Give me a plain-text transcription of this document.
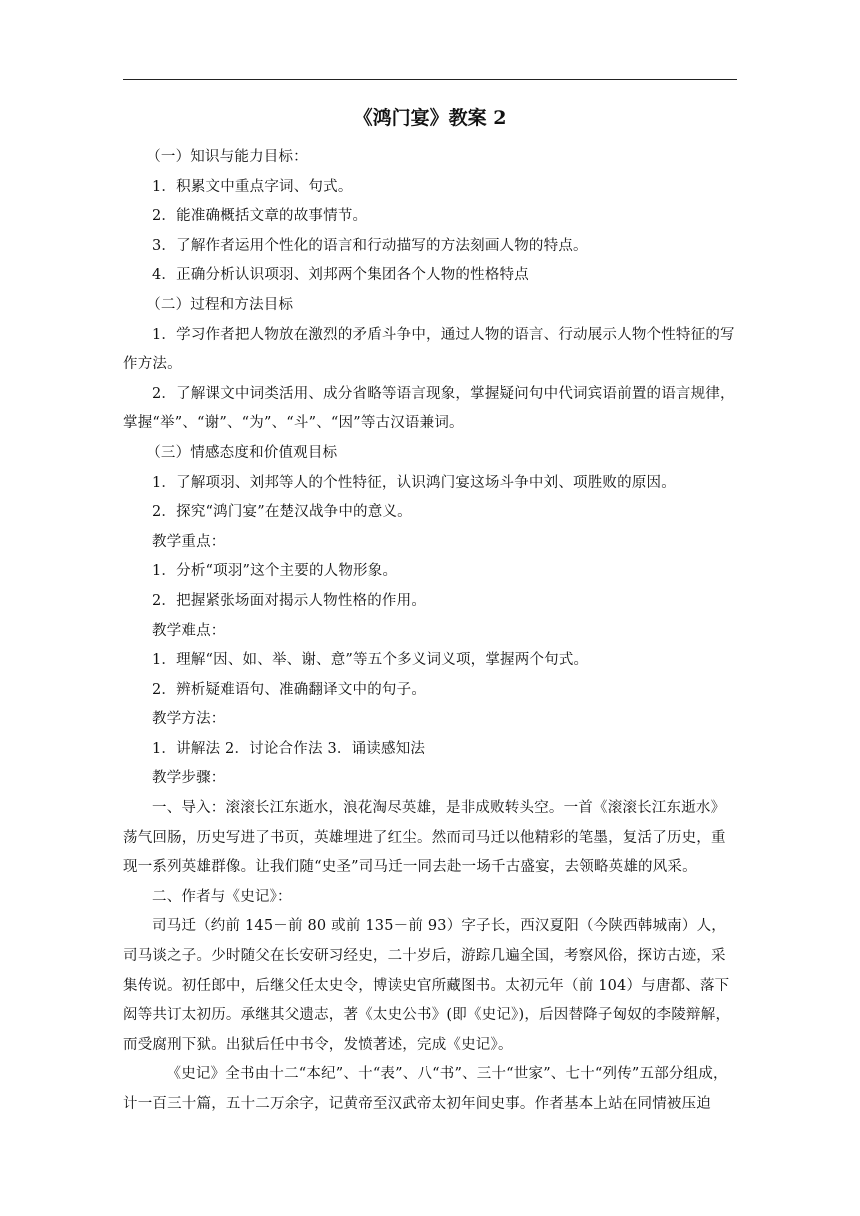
《鸿门宴》教案 2

（一）知识与能力目标：

1．积累文中重点字词、句式。

2．能准确概括文章的故事情节。

3．了解作者运用个性化的语言和行动描写的方法刻画人物的特点。

4．正确分析认识项羽、刘邦两个集团各个人物的性格特点

（二）过程和方法目标

1．学习作者把人物放在激烈的矛盾斗争中，通过人物的语言、行动展示人物个性特征的写作方法。

2．了解课文中词类活用、成分省略等语言现象，掌握疑问句中代词宾语前置的语言规律，掌握“举”、“谢”、“为”、“斗”、“因”等古汉语兼词。

（三）情感态度和价值观目标

1．了解项羽、刘邦等人的个性特征，认识鸿门宴这场斗争中刘、项胜败的原因。

2．探究“鸿门宴”在楚汉战争中的意义。

教学重点：

1．分析“项羽”这个主要的人物形象。

2．把握紧张场面对揭示人物性格的作用。

教学难点：

1．理解“因、如、举、谢、意”等五个多义词义项，掌握两个句式。

2．辨析疑难语句、准确翻译文中的句子。

教学方法：

1．讲解法 2．讨论合作法 3．诵读感知法

教学步骤：

一、导入：滚滚长江东逝水，浪花淘尽英雄，是非成败转头空。一首《滚滚长江东逝水》荡气回肠，历史写进了书页，英雄埋进了红尘。然而司马迁以他精彩的笔墨，复活了历史，重现一系列英雄群像。让我们随“史圣”司马迁一同去赴一场千古盛宴，去领略英雄的风采。

二、作者与《史记》：

司马迁（约前 145－前 80 或前 135－前 93）字子长，西汉夏阳（今陕西韩城南）人，司马谈之子。少时随父在长安研习经史，二十岁后，游踪几遍全国，考察风俗，探访古迹，采集传说。初任郎中，后继父任太史令，博读史官所藏图书。太初元年（前 104）与唐都、落下闳等共订太初历。承继其父遗志，著《太史公书》(即《史记》)，后因替降子匈奴的李陵辩解，而受腐刑下狱。出狱后任中书令，发愤著述，完成《史记》。

《史记》全书由十二“本纪”、十“表”、八“书”、三十“世家”、七十“列传”五部分组成，计一百三十篇，五十二万余字，记黄帝至汉武帝太初年间史事。作者基本上站在同情被压迫
